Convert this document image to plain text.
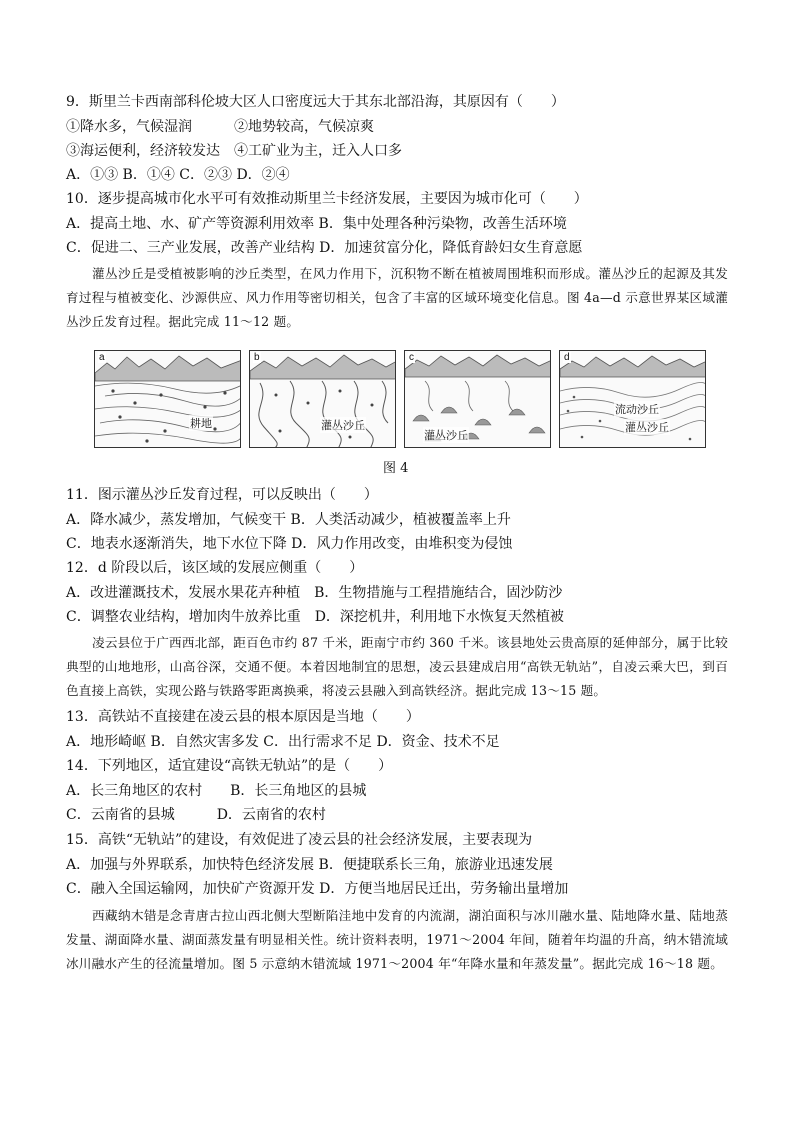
9．斯里兰卡西南部科伦坡大区人口密度远大于其东北部沿海，其原因有（　　）
①降水多，气候湿润　　　②地势较高，气候凉爽
③海运便利，经济较发达　④工矿业为主，迁入人口多
A．①③ B．①④ C．②③ D．②④
10．逐步提高城市化水平可有效推动斯里兰卡经济发展，主要因为城市化可（　　）
A．提高土地、水、矿产等资源利用效率 B．集中处理各种污染物，改善生活环境
C．促进二、三产业发展，改善产业结构 D．加速贫富分化，降低育龄妇女生育意愿
灌丛沙丘是受植被影响的沙丘类型，在风力作用下，沉积物不断在植被周围堆积而形成。灌丛沙丘的起源及其发育过程与植被变化、沙源供应、风力作用等密切相关，包含了丰富的区域环境变化信息。图 4a—d 示意世界某区域灌丛沙丘发育过程。据此完成 11～12 题。
a
耕地
b
灌丛沙丘
c
灌丛沙丘
d
流动沙丘
灌丛沙丘
图 4
11．图示灌丛沙丘发育过程，可以反映出（　　）
A．降水减少，蒸发增加，气候变干 B．人类活动减少，植被覆盖率上升
C．地表水逐渐消失，地下水位下降 D．风力作用改变，由堆积变为侵蚀
12．d 阶段以后，该区域的发展应侧重（　　）
A．改进灌溉技术，发展水果花卉种植　B．生物措施与工程措施结合，固沙防沙
C．调整农业结构，增加肉牛放养比重　D．深挖机井，利用地下水恢复天然植被
凌云县位于广西西北部，距百色市约 87 千米，距南宁市约 360 千米。该县地处云贵高原的延伸部分，属于比较典型的山地地形，山高谷深，交通不便。本着因地制宜的思想，凌云县建成启用“高铁无轨站”，自凌云乘大巴，到百色直接上高铁，实现公路与铁路零距离换乘，将凌云县融入到高铁经济。据此完成 13～15 题。
13．高铁站不直接建在凌云县的根本原因是当地（　　）
A．地形崎岖 B．自然灾害多发 C．出行需求不足 D．资金、技术不足
14．下列地区，适宜建设“高铁无轨站”的是（　　）
A．长三角地区的农村　　B．长三角地区的县城
C．云南省的县城　　　D．云南省的农村
15．高铁“无轨站”的建设，有效促进了凌云县的社会经济发展，主要表现为
A．加强与外界联系，加快特色经济发展 B．便捷联系长三角，旅游业迅速发展
C．融入全国运输网，加快矿产资源开发 D．方便当地居民迁出，劳务输出量增加
西藏纳木错是念青唐古拉山西北侧大型断陷洼地中发育的内流湖，湖泊面积与冰川融水量、陆地降水量、陆地蒸发量、湖面降水量、湖面蒸发量有明显相关性。统计资料表明，1971～2004 年间，随着年均温的升高，纳木错流域冰川融水产生的径流量增加。图 5 示意纳木错流域 1971～2004 年“年降水量和年蒸发量”。据此完成 16～18 题。
